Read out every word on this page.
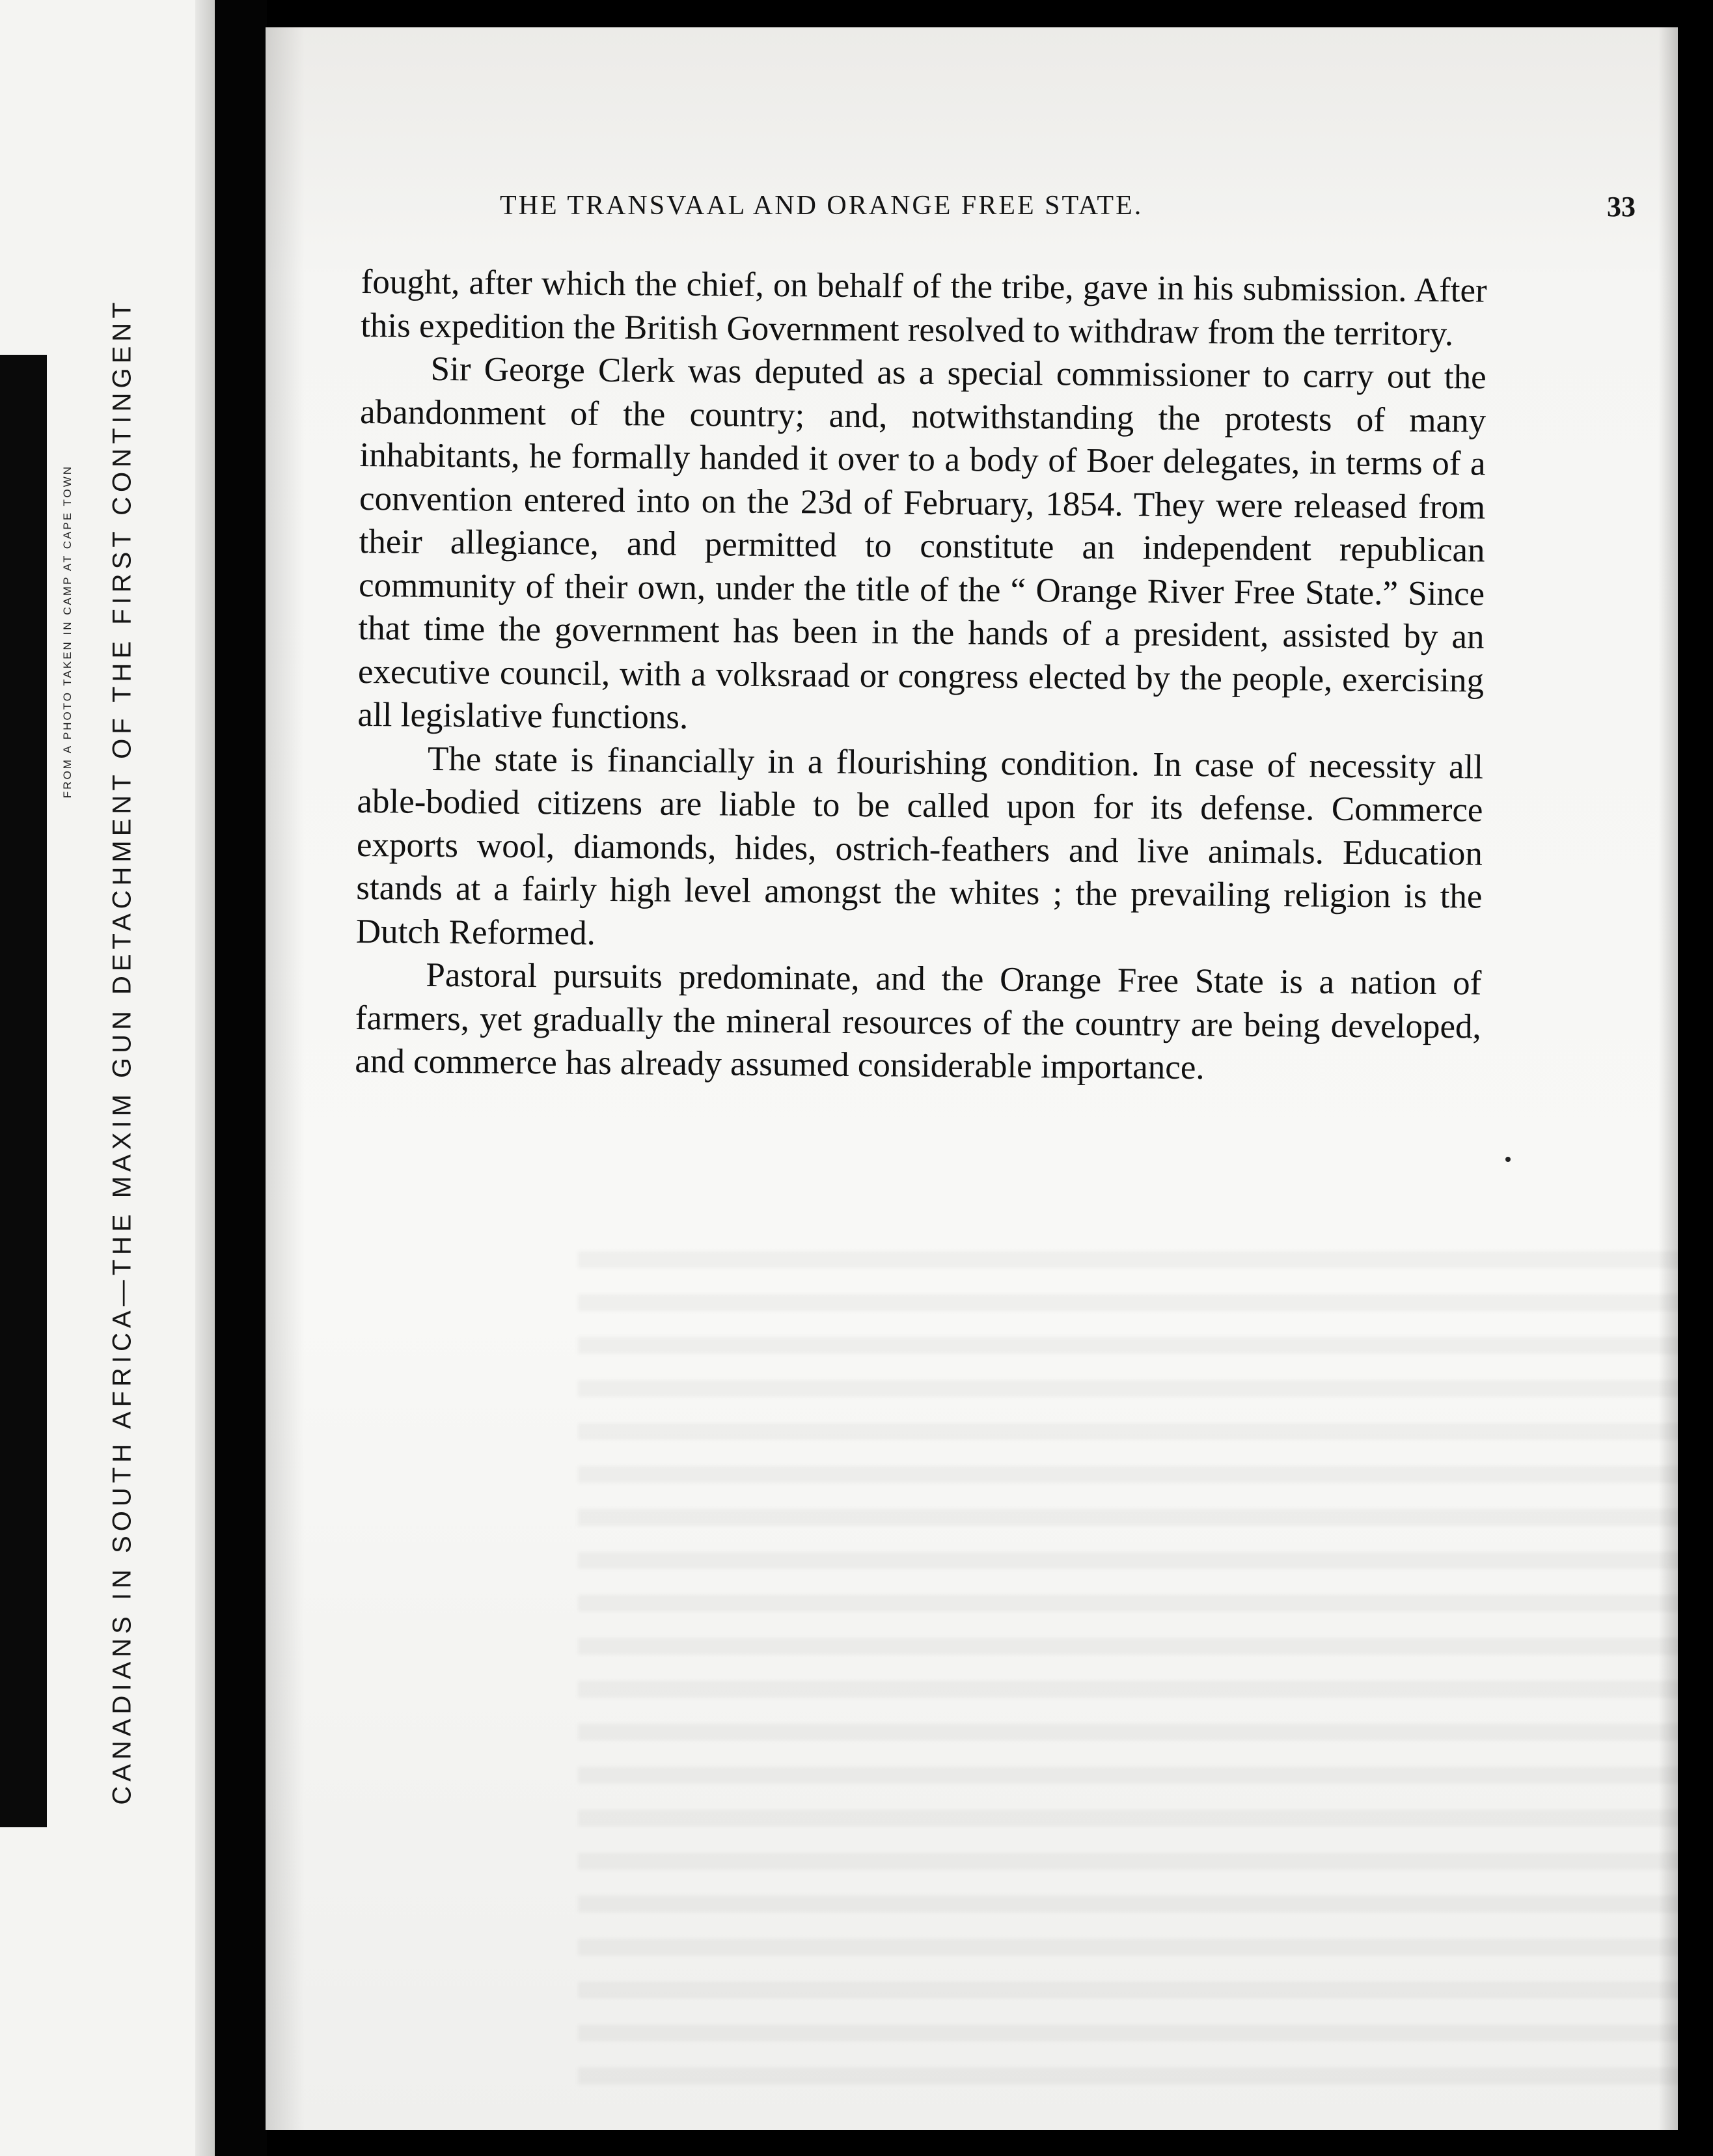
FROM A PHOTO TAKEN IN CAMP AT CAPE TOWN CANADIANS IN SOUTH AFRICA—THE MAXIM GUN DETACHMENT OF THE FIRST CONTINGENT
THE TRANSVAAL AND ORANGE FREE STATE.	33

fought, after which the chief, on behalf of the tribe, gave in his submission. After this expedition the British Government resolved to withdraw from the territory.

Sir George Clerk was deputed as a special commissioner to carry out the abandonment of the country; and, notwithstanding the protests of many inhabitants, he formally handed it over to a body of Boer delegates, in terms of a convention entered into on the 23d of February, 1854. They were released from their allegiance, and permitted to constitute an independent republican community of their own, under the title of the “ Orange River Free State.” Since that time the government has been in the hands of a president, assisted by an executive council, with a volksraad or congress elected by the people, exercising all legislative functions.

The state is financially in a flourishing condition. In case of necessity all able-bodied citizens are liable to be called upon for its defense. Commerce exports wool, diamonds, hides, ostrich-feathers and live animals. Education stands at a fairly high level amongst the whites ; the prevailing religion is the Dutch Reformed.

Pastoral pursuits predominate, and the Orange Free State is a nation of farmers, yet gradually the mineral resources of the country are being developed, and commerce has already assumed considerable importance.
